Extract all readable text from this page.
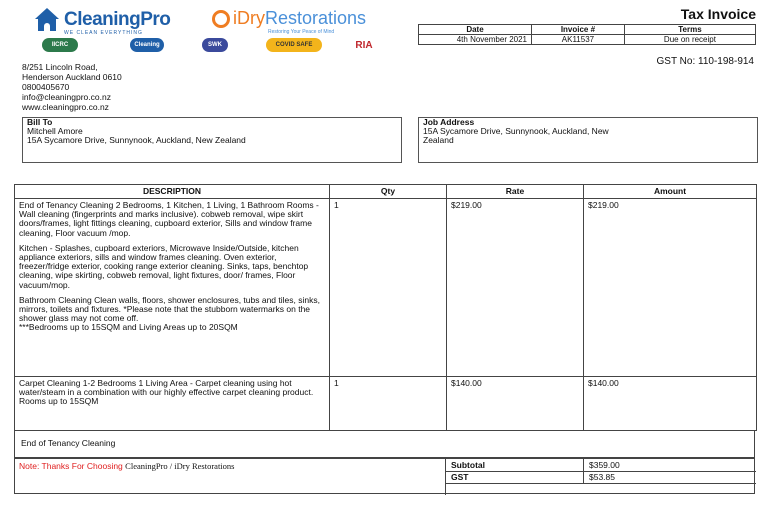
CleaningPro
WE CLEAN EVERYTHING
iDryRestorations
Restoring Your Peace of Mind
IICRC	Cleaning	SWK	COVID SAFE	RIA
Tax Invoice
Date	Invoice #	Terms
4th November 2021	AK11537	Due on receipt
GST No: 110-198-914
8/251 Lincoln Road,
Henderson Auckland 0610
0800405670
info@cleaningpro.co.nz
www.cleaningpro.co.nz
Bill To
Mitchell Amore
15A Sycamore Drive, Sunnynook, Auckland, New Zealand
Job Address
15A Sycamore Drive, Sunnynook, Auckland, New
Zealand
DESCRIPTION	Qty	Rate	Amount

End of Tenancy Cleaning 2 Bedrooms, 1 Kitchen, 1 Living, 1 Bathroom Rooms - Wall cleaning (fingerprints and marks inclusive). cobweb removal, wipe skirt doors/frames, light fittings cleaning, cupboard exterior, Sills and window frame cleaning, Floor vacuum /mop.

Kitchen - Splashes, cupboard exteriors, Microwave Inside/Outside, kitchen appliance exteriors, sills and window frames cleaning. Oven exterior, freezer/fridge exterior, cooking range exterior cleaning. Sinks, taps, benchtop cleaning, wipe skirting, cobweb removal, light fixtures, door/ frames, Floor vacuum/mop.

Bathroom Cleaning Clean walls, floors, shower enclosures, tubs and tiles, sinks, mirrors, toilets and fixtures. *Please note that the stubborn watermarks on the shower glass may not come off.

***Bedrooms up to 15SQM and Living Areas up to 20SQM	1	$219.00	$219.00
Carpet Cleaning 1-2 Bedrooms 1 Living Area - Carpet cleaning using hot water/steam in a combination with our highly effective carpet cleaning product. Rooms up to 15SQM	1	$140.00	$140.00
End of Tenancy Cleaning
Note: Thanks For Choosing CleaningPro / iDry Restorations	Subtotal	$359.00
GST	$53.85
